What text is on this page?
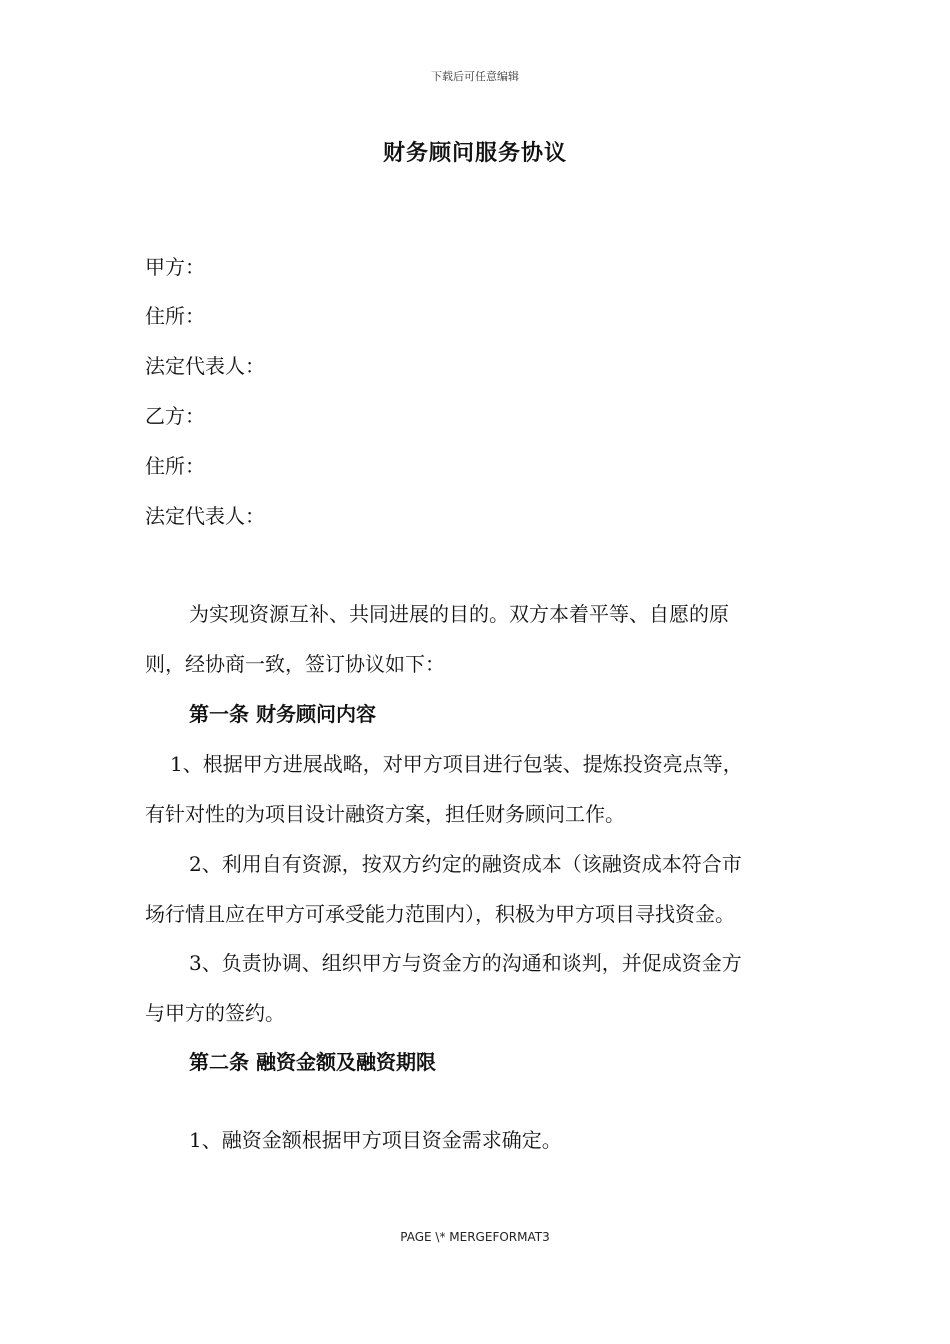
下载后可任意编辑
财务顾问服务协议
甲方：
住所：
法定代表人：
乙方：
住所：
法定代表人：
为实现资源互补、共同进展的目的。双方本着平等、自愿的原
则，经协商一致，签订协议如下：
第一条 财务顾问内容
1、根据甲方进展战略，对甲方项目进行包装、提炼投资亮点等，
有针对性的为项目设计融资方案，担任财务顾问工作。
2、利用自有资源，按双方约定的融资成本（该融资成本符合市
场行情且应在甲方可承受能力范围内），积极为甲方项目寻找资金。
3、负责协调、组织甲方与资金方的沟通和谈判，并促成资金方
与甲方的签约。
第二条 融资金额及融资期限
1、融资金额根据甲方项目资金需求确定。
PAGE \* MERGEFORMAT3
